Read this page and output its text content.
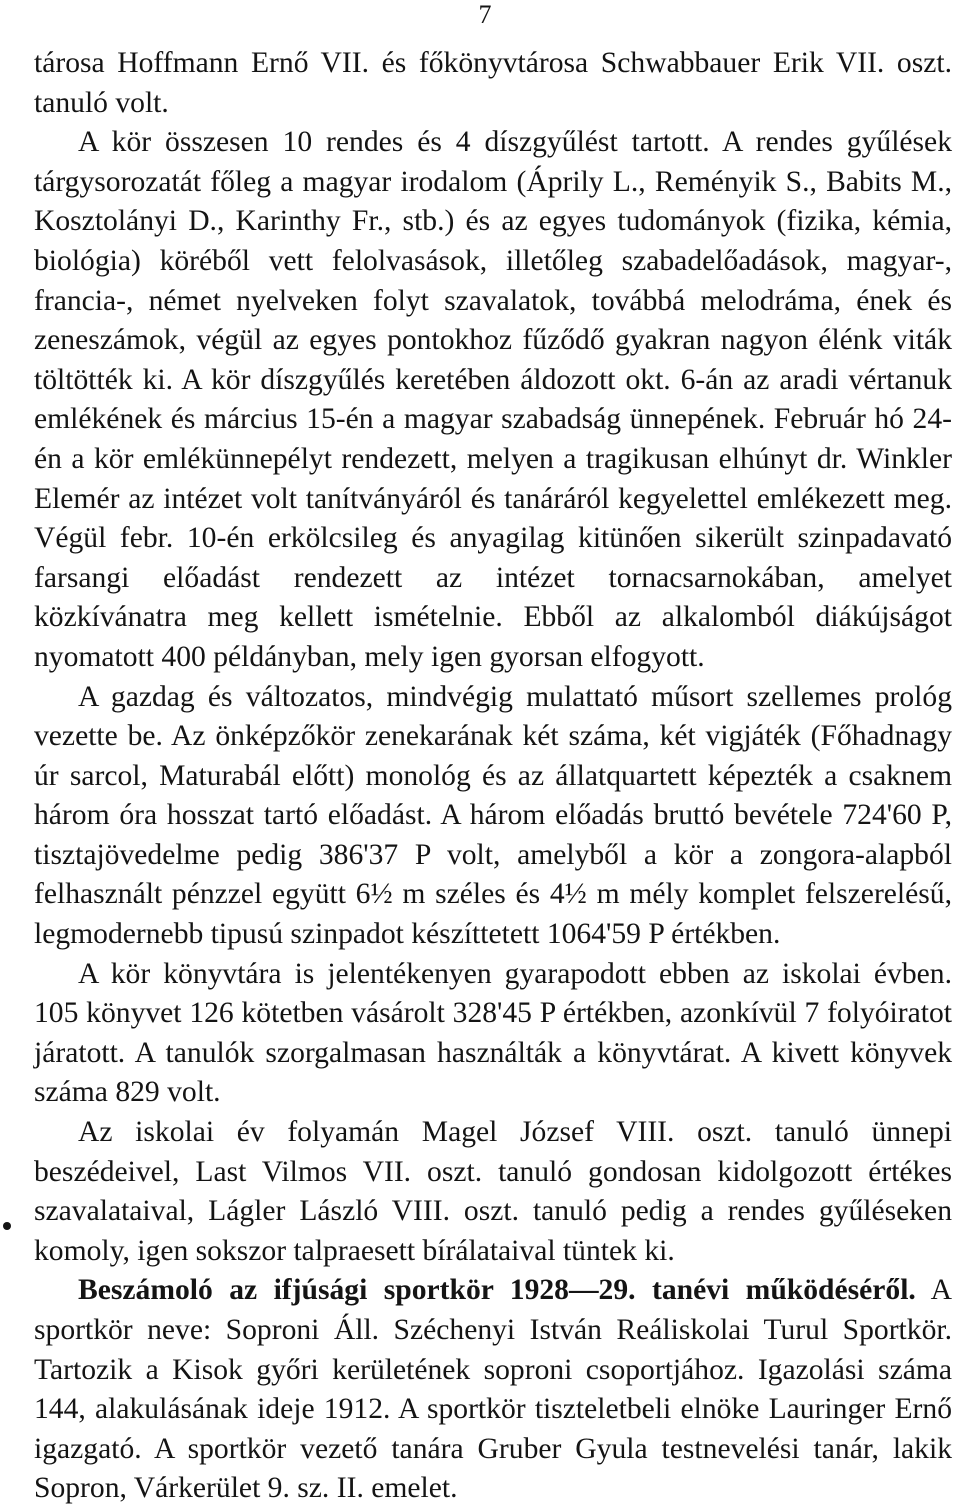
7

tárosa Hoffmann Ernő VII. és főkönyvtárosa Schwabbauer Erik VII. oszt. tanuló volt.

A kör összesen 10 rendes és 4 díszgyűlést tartott. A rendes gyűlések tárgysorozatát főleg a magyar irodalom (Áprily L., Reményik S., Babits M., Kosztolányi D., Karinthy Fr., stb.) és az egyes tudományok (fizika, kémia, biológia) köréből vett felolvasások, illetőleg szabadelőadások, magyar-, francia-, német nyelveken folyt szavalatok, továbbá melodráma, ének és zeneszámok, végül az egyes pontokhoz fűződő gyakran nagyon élénk viták töltötték ki. A kör díszgyűlés keretében áldozott okt. 6-án az aradi vértanuk emlékének és március 15-én a magyar szabadság ünnepének. Február hó 24-én a kör emlékünnepélyt rendezett, melyen a tragikusan elhúnyt dr. Winkler Elemér az intézet volt tanítványáról és tanáráról kegyelettel emlékezett meg. Végül febr. 10-én erkölcsileg és anyagilag kitünően sikerült szinpadavató farsangi előadást rendezett az intézet tornacsarnokában, amelyet közkívánatra meg kellett ismételnie. Ebből az alkalomból diákújságot nyomatott 400 példányban, mely igen gyorsan elfogyott.

A gazdag és változatos, mindvégig mulattató műsort szellemes prológ vezette be. Az önképzőkör zenekarának két száma, két vigjáték (Főhadnagy úr sarcol, Maturabál előtt) monológ és az állatquartett képezték a csaknem három óra hosszat tartó előadást. A három előadás bruttó bevétele 724'60 P, tisztajövedelme pedig 386'37 P volt, amelyből a kör a zongora-alapból felhasznált pénzzel együtt 6½ m széles és 4½ m mély komplet felszerelésű, legmodernebb tipusú szinpadot készíttetett 1064'59 P értékben.

A kör könyvtára is jelentékenyen gyarapodott ebben az iskolai évben. 105 könyvet 126 kötetben vásárolt 328'45 P értékben, azonkívül 7 folyóiratot járatott. A tanulók szorgalmasan használták a könyvtárat. A kivett könyvek száma 829 volt.

Az iskolai év folyamán Magel József VIII. oszt. tanuló ünnepi beszédeivel, Last Vilmos VII. oszt. tanuló gondosan kidolgozott értékes szavalataival, Lágler László VIII. oszt. tanuló pedig a rendes gyűléseken komoly, igen sokszor talpraesett bírálataival tüntek ki.

Beszámoló az ifjúsági sportkör 1928—29. tanévi működéséről. A sportkör neve: Soproni Áll. Széchenyi István Reáliskolai Turul Sportkör. Tartozik a Kisok győri kerületének soproni csoportjához. Igazolási száma 144, alakulásának ideje 1912. A sportkör tiszteletbeli elnöke Lauringer Ernő igazgató. A sportkör vezető tanára Gruber Gyula testnevelési tanár, lakik Sopron, Várkerület 9. sz. II. emelet.
